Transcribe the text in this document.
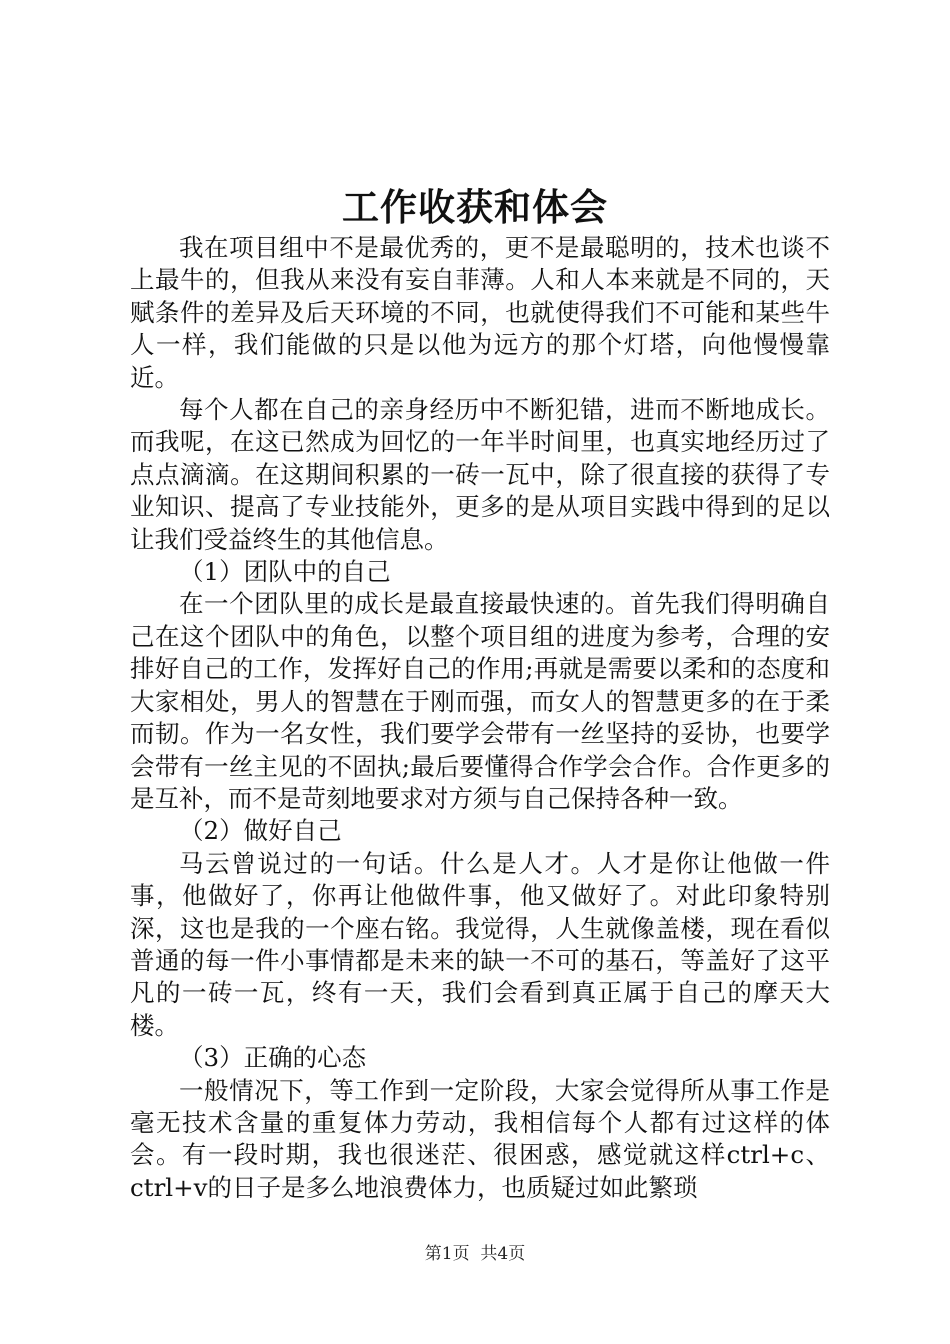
工作收获和体会

我在项目组中不是最优秀的，更不是最聪明的，技术也谈不上最牛的，但我从来没有妄自菲薄。人和人本来就是不同的，天赋条件的差异及后天环境的不同，也就使得我们不可能和某些牛人一样，我们能做的只是以他为远方的那个灯塔，向他慢慢靠近。

每个人都在自己的亲身经历中不断犯错，进而不断地成长。而我呢，在这已然成为回忆的一年半时间里，也真实地经历过了点点滴滴。在这期间积累的一砖一瓦中，除了很直接的获得了专业知识、提高了专业技能外，更多的是从项目实践中得到的足以让我们受益终生的其他信息。

（1）团队中的自己

在一个团队里的成长是最直接最快速的。首先我们得明确自己在这个团队中的角色，以整个项目组的进度为参考，合理的安排好自己的工作，发挥好自己的作用;再就是需要以柔和的态度和大家相处，男人的智慧在于刚而强，而女人的智慧更多的在于柔而韧。作为一名女性，我们要学会带有一丝坚持的妥协，也要学会带有一丝主见的不固执;最后要懂得合作学会合作。合作更多的是互补，而不是苛刻地要求对方须与自己保持各种一致。

（2）做好自己

马云曾说过的一句话。什么是人才。人才是你让他做一件事，他做好了，你再让他做件事，他又做好了。对此印象特别深，这也是我的一个座右铭。我觉得，人生就像盖楼，现在看似普通的每一件小事情都是未来的缺一不可的基石，等盖好了这平凡的一砖一瓦，终有一天，我们会看到真正属于自己的摩天大楼。

（3）正确的心态

一般情况下，等工作到一定阶段，大家会觉得所从事工作是毫无技术含量的重复体力劳动，我相信每个人都有过这样的体会。有一段时期，我也很迷茫、很困惑，感觉就这样ctrl+c、ctrl+v的日子是多么地浪费体力，也质疑过如此繁琐

第1页  共4页
